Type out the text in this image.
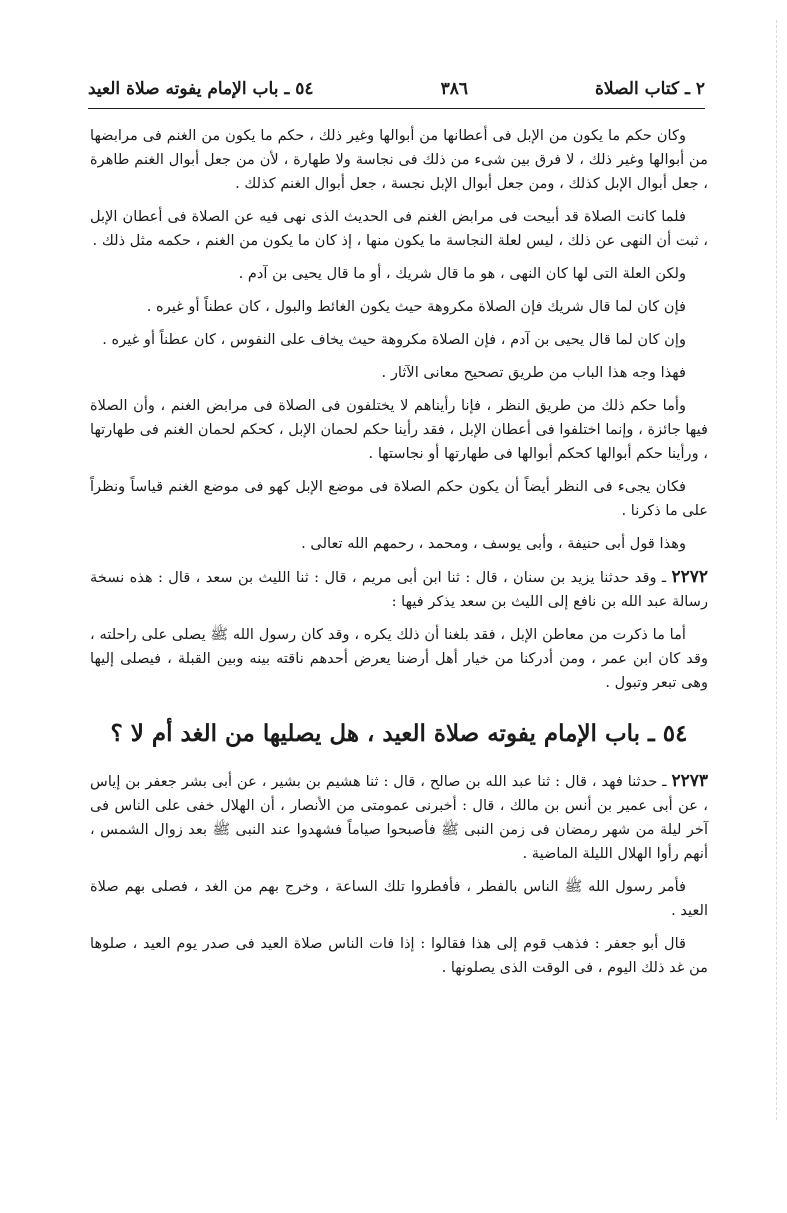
٢ ـ كتاب الصلاة
٣٨٦
٥٤ ـ باب الإمام يفوته صلاة العيد

وكان حكم ما يكون من الإبل فى أعطانها من أبوالها وغير ذلك ، حكم ما يكون من الغنم فى مرابضها من أبوالها وغير ذلك ، لا فرق بين شىء من ذلك فى نجاسة ولا طهارة ، لأن من جعل أبوال الغنم طاهرة ، جعل أبوال الإبل كذلك ، ومن جعل أبوال الإبل نجسة ، جعل أبوال الغنم كذلك .

فلما كانت الصلاة قد أبيحت فى مرابض الغنم فى الحديث الذى نهى فيه عن الصلاة فى أعطان الإبل ، ثبت أن النهى عن ذلك ، ليس لعلة النجاسة ما يكون منها ، إذ كان ما يكون من الغنم ، حكمه مثل ذلك .

ولكن العلة التى لها كان النهى ، هو ما قال شريك ، أو ما قال يحيى بن آدم .

فإن كان لما قال شريك فإن الصلاة مكروهة حيث يكون الغائط والبول ، كان عطناً أو غيره .

وإن كان لما قال يحيى بن آدم ، فإن الصلاة مكروهة حيث يخاف على النفوس ، كان عطناً أو غيره .

فهذا وجه هذا الباب من طريق تصحيح معانى الآثار .

وأما حكم ذلك من طريق النظر ، فإنا رأيناهم لا يختلفون فى الصلاة فى مرابض الغنم ، وأن الصلاة فيها جائزة ، وإنما اختلفوا فى أعطان الإبل ، فقد رأينا حكم لحمان الإبل ، كحكم لحمان الغنم فى طهارتها ، ورأينا حكم أبوالها كحكم أبوالها فى طهارتها أو نجاستها .

فكان يجىء فى النظر أيضاً أن يكون حكم الصلاة فى موضع الإبل كهو فى موضع الغنم قياساً ونظراً على ما ذكرنا .

وهذا قول أبى حنيفة ، وأبى يوسف ، ومحمد ، رحمهم الله تعالى .

٢٢٧٢ ـ وقد حدثنا يزيد بن سنان ، قال : ثنا ابن أبى مريم ، قال : ثنا الليث بن سعد ، قال : هذه نسخة رسالة عبد الله بن نافع إلى الليث بن سعد يذكر فيها :

أما ما ذكرت من معاطن الإبل ، فقد بلغنا أن ذلك يكره ، وقد كان رسول الله ﷺ يصلى على راحلته ، وقد كان ابن عمر ، ومن أدركنا من خيار أهل أرضنا يعرض أحدهم ناقته بينه وبين القبلة ، فيصلى إليها وهى تبعر وتبول .

٥٤ ـ باب الإمام يفوته صلاة العيد ، هل يصليها من الغد أم لا ؟

٢٢٧٣ ـ حدثنا فهد ، قال : ثنا عبد الله بن صالح ، قال : ثنا هشيم بن بشير ، عن أبى بشر جعفر بن إياس ، عن أبى عمير بن أنس بن مالك ، قال : أخبرنى عمومتى من الأنصار ، أن الهلال خفى على الناس فى آخر ليلة من شهر رمضان فى زمن النبى ﷺ فأصبحوا صياماً فشهدوا عند النبى ﷺ بعد زوال الشمس ، أنهم رأوا الهلال الليلة الماضية .

فأمر رسول الله ﷺ الناس بالفطر ، فأفطروا تلك الساعة ، وخرج بهم من الغد ، فصلى بهم صلاة العيد .

قال أبو جعفر : فذهب قوم إلى هذا فقالوا : إذا فات الناس صلاة العيد فى صدر يوم العيد ، صلوها من غد ذلك اليوم ، فى الوقت الذى يصلونها .
